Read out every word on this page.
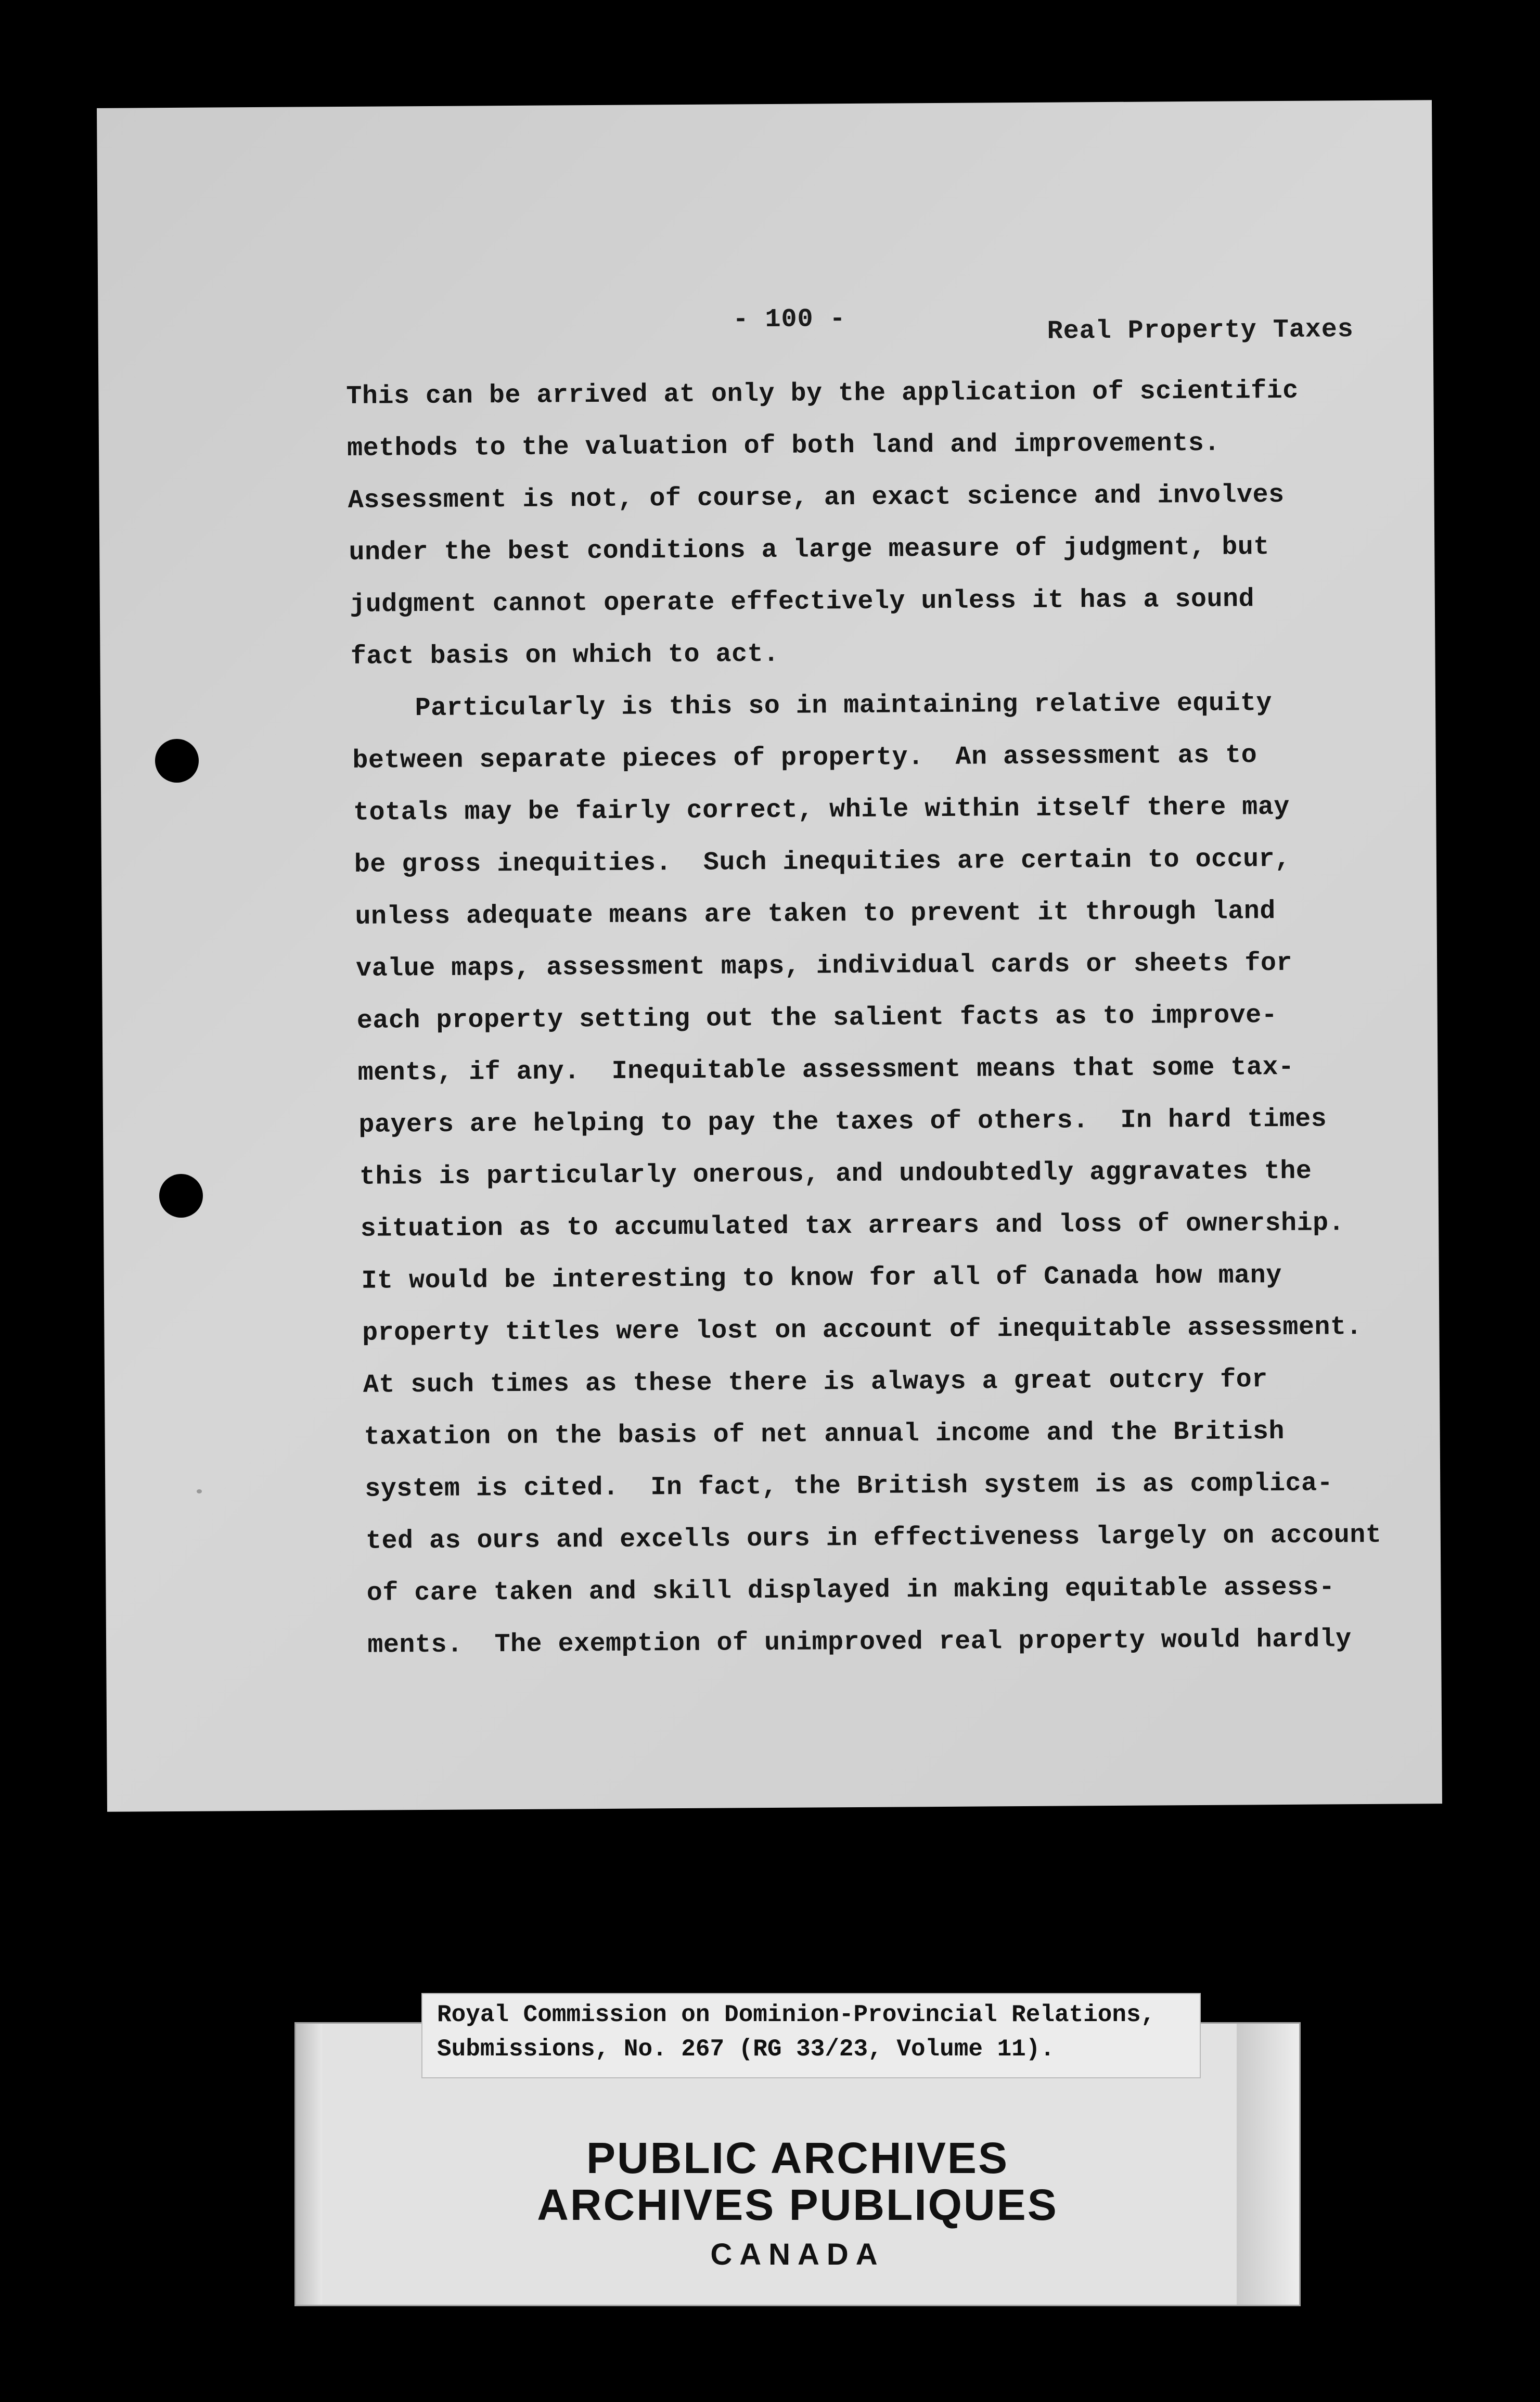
- 100 -	Real Property Taxes
This can be arrived at only by the application of scientific
methods to the valuation of both land and improvements.
Assessment is not, of course, an exact science and involves
under the best conditions a large measure of judgment, but
judgment cannot operate effectively unless it has a sound
fact basis on which to act.
Particularly is this so in maintaining relative equity
between separate pieces of property.  An assessment as to
totals may be fairly correct, while within itself there may
be gross inequities.  Such inequities are certain to occur,
unless adequate means are taken to prevent it through land
value maps, assessment maps, individual cards or sheets for
each property setting out the salient facts as to improve-
ments, if any.  Inequitable assessment means that some tax-
payers are helping to pay the taxes of others.  In hard times
this is particularly onerous, and undoubtedly aggravates the
situation as to accumulated tax arrears and loss of ownership.
It would be interesting to know for all of Canada how many
property titles were lost on account of inequitable assessment.
At such times as these there is always a great outcry for
taxation on the basis of net annual income and the British
system is cited.  In fact, the British system is as complica-
ted as ours and excells ours in effectiveness largely on account
of care taken and skill displayed in making equitable assess-
ments.  The exemption of unimproved real property would hardly
PUBLIC ARCHIVES
ARCHIVES PUBLIQUES
CANADA
Royal Commission on Dominion-Provincial Relations,
Submissions, No. 267 (RG 33/23, Volume 11).
